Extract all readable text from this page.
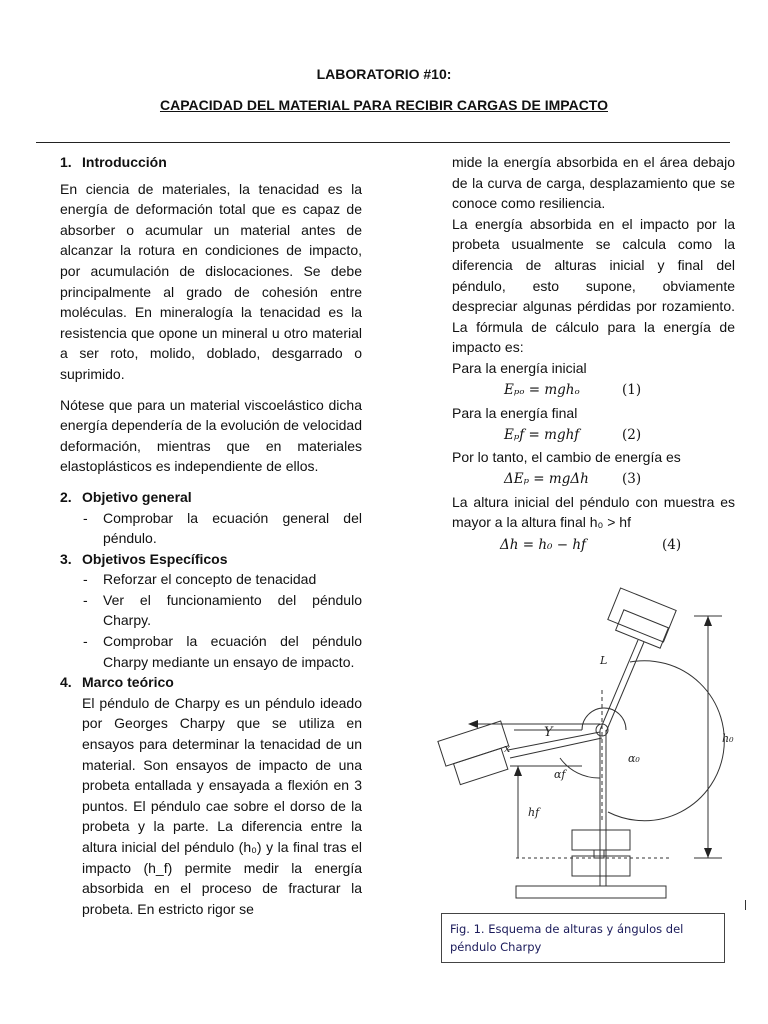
LABORATORIO #10:
CAPACIDAD DEL MATERIAL PARA RECIBIR CARGAS DE IMPACTO
1. Introducción

En ciencia de materiales, la tenacidad es la energía de deformación total que es capaz de absorber o acumular un material antes de alcanzar la rotura en condiciones de impacto, por acumulación de dislocaciones. Se debe principalmente al grado de cohesión entre moléculas. En mineralogía la tenacidad es la resistencia que opone un mineral u otro material a ser roto, molido, doblado, desgarrado o suprimido.

Nótese que para un material viscoelástico dicha energía dependería de la evolución de velocidad deformación, mientras que en materiales elastoplásticos es independiente de ellos.

2. Objetivo general
- Comprobar la ecuación general del péndulo.
3. Objetivos Específicos
- Reforzar el concepto de tenacidad
- Ver el funcionamiento del péndulo Charpy.
- Comprobar la ecuación del péndulo Charpy mediante un ensayo de impacto.
4. Marco teórico

El péndulo de Charpy es un péndulo ideado por Georges Charpy que se utiliza en ensayos para determinar la tenacidad de un material. Son ensayos de impacto de una probeta entallada y ensayada a flexión en 3 puntos. El péndulo cae sobre el dorso de la probeta y la parte. La diferencia entre la altura inicial del péndulo (h₀) y la final tras el impacto (h_f) permite medir la energía absorbida en el proceso de fracturar la probeta. En estricto rigor se

mide la energía absorbida en el área debajo de la curva de carga, desplazamiento que se conoce como resiliencia.

La energía absorbida en el impacto por la probeta usualmente se calcula como la diferencia de alturas inicial y final del péndulo, esto supone, obviamente despreciar algunas pérdidas por rozamiento. La fórmula de cálculo para la energía de impacto es:

Para la energía inicial
Eₚₒ = mghₒ	(1)
Para la energía final
Eₚf = mghf	(2)
Por lo tanto, el cambio de energía es
ΔEₚ = mgΔh	(3)

La altura inicial del péndulo con muestra es mayor a la altura final h₀ > hf

Δh = h₀ − hf	(4)
L
Y
x
h₀
hf
α₀
αf
Fig. 1. Esquema de alturas y ángulos del péndulo Charpy
